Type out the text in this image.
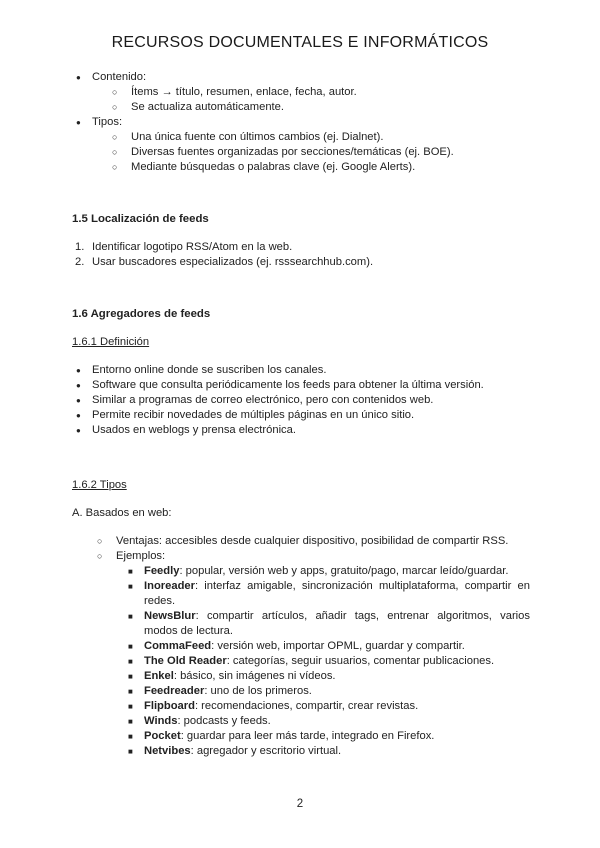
RECURSOS DOCUMENTALES E INFORMÁTICOS
● Contenido:
○ Ítems → título, resumen, enlace, fecha, autor.
○ Se actualiza automáticamente.
● Tipos:
○ Una única fuente con últimos cambios (ej. Dialnet).
○ Diversas fuentes organizadas por secciones/temáticas (ej. BOE).
○ Mediante búsquedas o palabras clave (ej. Google Alerts).
1.5 Localización de feeds
1. Identificar logotipo RSS/Atom en la web.
2. Usar buscadores especializados (ej. rsssearchhub.com).
1.6 Agregadores de feeds
1.6.1 Definición
● Entorno online donde se suscriben los canales.
● Software que consulta periódicamente los feeds para obtener la última versión.
● Similar a programas de correo electrónico, pero con contenidos web.
● Permite recibir novedades de múltiples páginas en un único sitio.
● Usados en weblogs y prensa electrónica.
1.6.2 Tipos
A. Basados en web:
○ Ventajas: accesibles desde cualquier dispositivo, posibilidad de compartir RSS.
○ Ejemplos:
■ Feedly: popular, versión web y apps, gratuito/pago, marcar leído/guardar.
■ Inoreader: interfaz amigable, sincronización multiplataforma, compartir en redes.
■ NewsBlur: compartir artículos, añadir tags, entrenar algoritmos, varios modos de lectura.
■ CommaFeed: versión web, importar OPML, guardar y compartir.
■ The Old Reader: categorías, seguir usuarios, comentar publicaciones.
■ Enkel: básico, sin imágenes ni vídeos.
■ Feedreader: uno de los primeros.
■ Flipboard: recomendaciones, compartir, crear revistas.
■ Winds: podcasts y feeds.
■ Pocket: guardar para leer más tarde, integrado en Firefox.
■ Netvibes: agregador y escritorio virtual.
2
